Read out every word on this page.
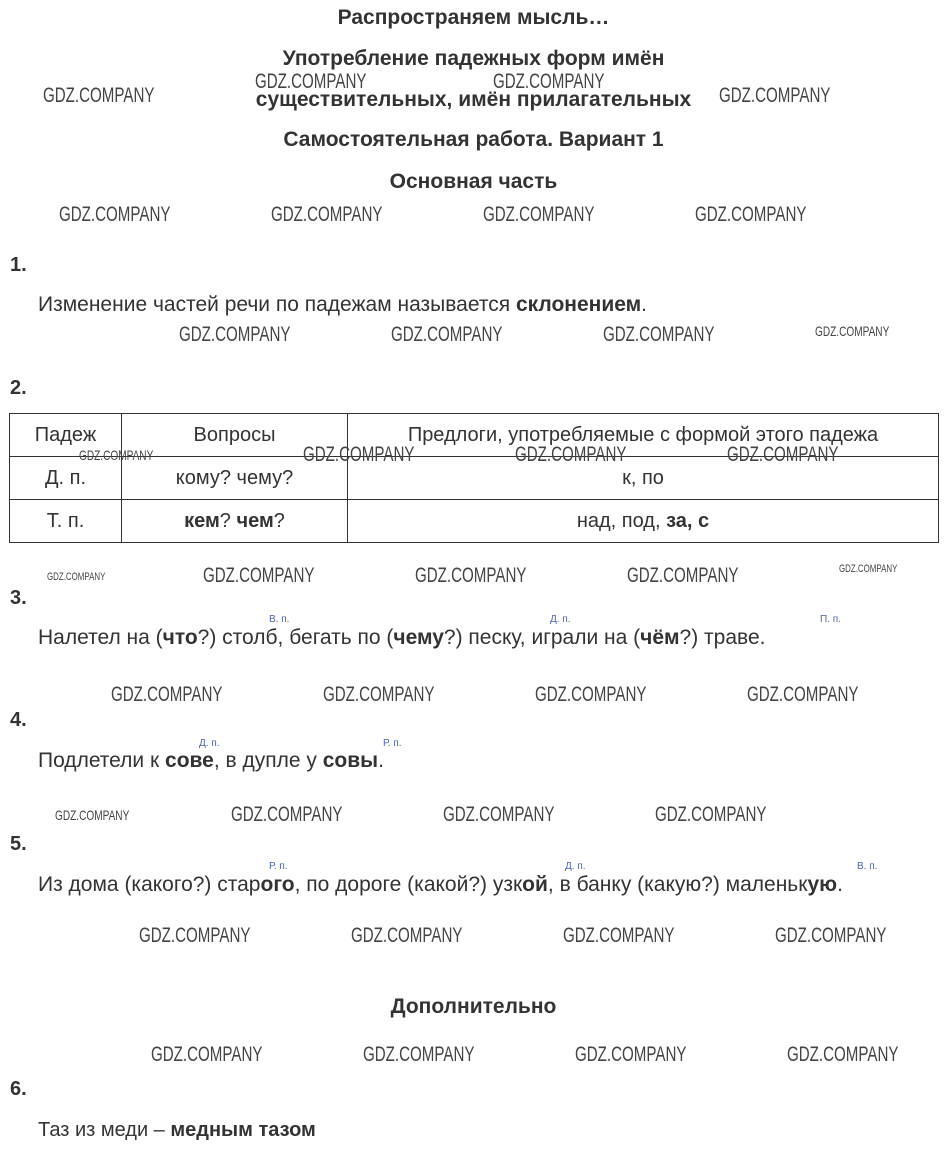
Распространяем мысль…
Употребление падежных форм имён
существительных, имён прилагательных
Самостоятельная работа. Вариант 1
Основная часть
1.
Изменение частей речи по падежам называется склонением.
2.
Падеж	Вопросы	Предлоги, употребляемые с формой этого падежа
Д. п.	кому? чему?	к, по
Т. п.	кем? чем?	над, под, за, с
3.
В. п.	Д. п.	П. п.
Налетел на (что?) столб, бегать по (чему?) песку, играли на (чём?) траве.
4.
Д. п.	Р. п.
Подлетели к сове, в дупле у совы.
5.
Р. п.	Д. п.	В. п.
Из дома (какого?) старого, по дороге (какой?) узкой, в банку (какую?) маленькую.
Дополнительно
6.
Таз из меди – медным тазом
GDZ.COMPANY
GDZ.COMPANY	GDZ.COMPANY
GDZ.COMPANY
GDZ.COMPANY	GDZ.COMPANY	GDZ.COMPANY	GDZ.COMPANY
GDZ.COMPANY	GDZ.COMPANY	GDZ.COMPANY	GDZ.COMPANY
GDZ.COMPANY	GDZ.COMPANY	GDZ.COMPANY	GDZ.COMPANY
GDZ.COMPANY	GDZ.COMPANY	GDZ.COMPANY	GDZ.COMPANY	GDZ.COMPANY
GDZ.COMPANY	GDZ.COMPANY	GDZ.COMPANY	GDZ.COMPANY
GDZ.COMPANY	GDZ.COMPANY	GDZ.COMPANY	GDZ.COMPANY
GDZ.COMPANY	GDZ.COMPANY	GDZ.COMPANY	GDZ.COMPANY
GDZ.COMPANY	GDZ.COMPANY	GDZ.COMPANY	GDZ.COMPANY
